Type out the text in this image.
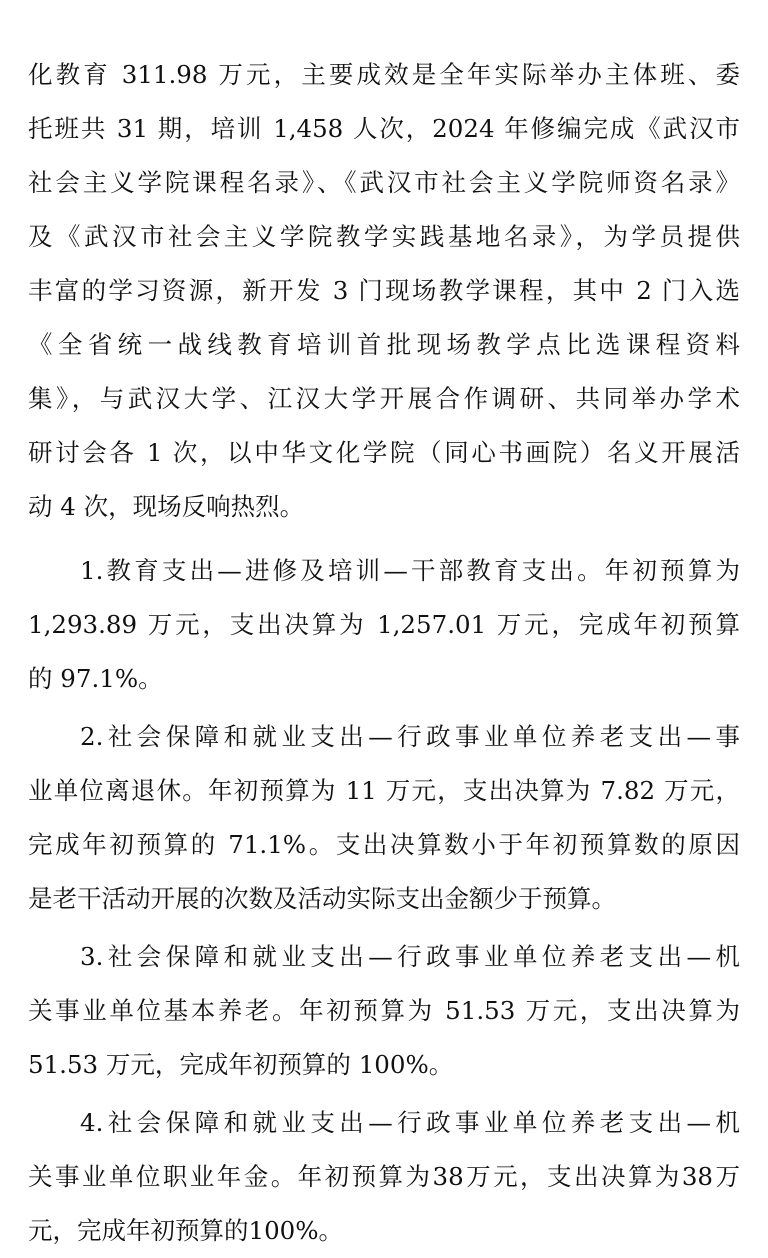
化教育 311.98 万元，主要成效是全年实际举办主体班、委
托班共 31 期，培训 1,458 人次，2024 年修编完成《武汉市
社会主义学院课程名录》、《武汉市社会主义学院师资名录》
及《武汉市社会主义学院教学实践基地名录》，为学员提供
丰富的学习资源，新开发 3 门现场教学课程，其中 2 门入选
《全省统一战线教育培训首批现场教学点比选课程资料
集》，与武汉大学、江汉大学开展合作调研、共同举办学术
研讨会各 1 次，以中华文化学院（同心书画院）名义开展活
动 4 次，现场反响热烈。
1.教育支出—进修及培训—干部教育支出。年初预算为
1,293.89 万元，支出决算为 1,257.01 万元，完成年初预算
的 97.1%。
2.社会保障和就业支出—行政事业单位养老支出—事
业单位离退休。年初预算为 11 万元，支出决算为 7.82 万元，
完成年初预算的 71.1%。支出决算数小于年初预算数的原因
是老干活动开展的次数及活动实际支出金额少于预算。
3.社会保障和就业支出—行政事业单位养老支出—机
关事业单位基本养老。年初预算为 51.53 万元，支出决算为
51.53 万元，完成年初预算的 100%。
4.社会保障和就业支出—行政事业单位养老支出—机
关事业单位职业年金。年初预算为38万元，支出决算为38万
元，完成年初预算的100%。
